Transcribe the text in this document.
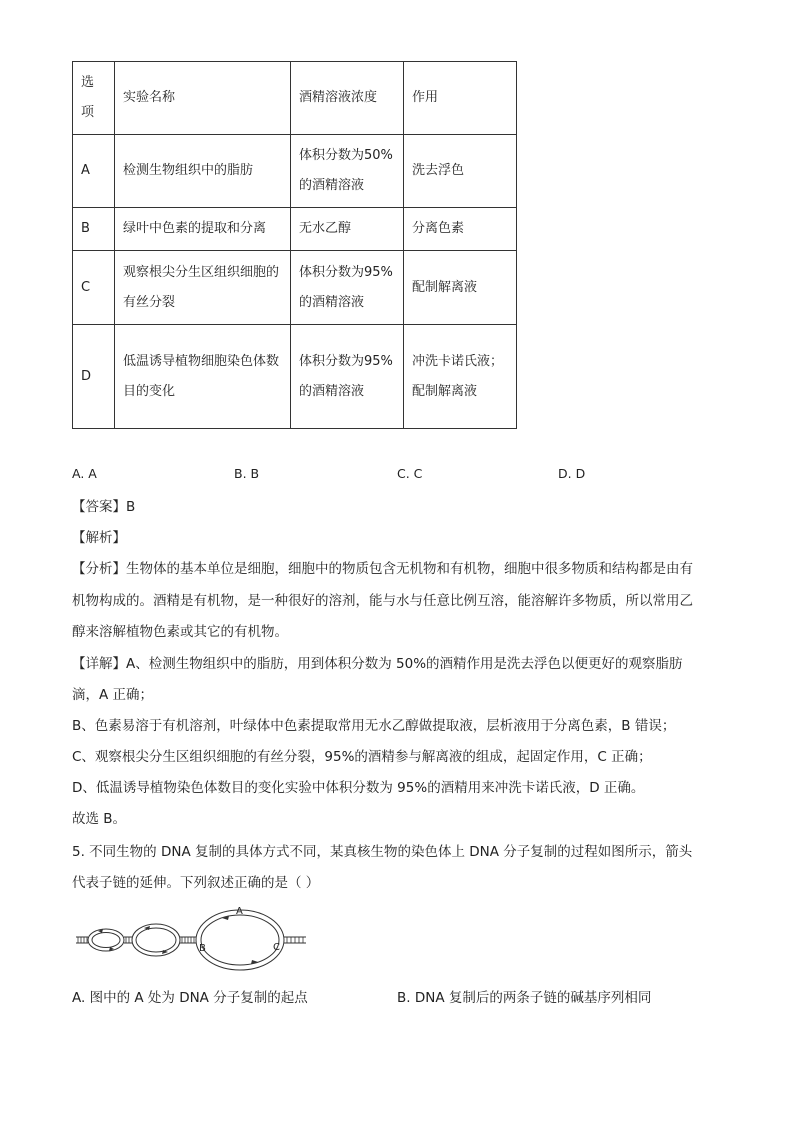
选项	实验名称	酒精溶液浓度	作用
A	检测生物组织中的脂肪	体积分数为50%的酒精溶液	洗去浮色
B	绿叶中色素的提取和分离	无水乙醇	分离色素
C	观察根尖分生区组织细胞的有丝分裂	体积分数为95%的酒精溶液	配制解离液
D	低温诱导植物细胞染色体数目的变化	体积分数为95%的酒精溶液	冲洗卡诺氏液；配制解离液
A. A	B. B	C. C	D. D
【答案】B
【解析】
【分析】生物体的基本单位是细胞，细胞中的物质包含无机物和有机物，细胞中很多物质和结构都是由有
机物构成的。酒精是有机物，是一种很好的溶剂，能与水与任意比例互溶，能溶解许多物质，所以常用乙
醇来溶解植物色素或其它的有机物。
【详解】A、检测生物组织中的脂肪，用到体积分数为 50%的酒精作用是洗去浮色以便更好的观察脂肪
滴，A 正确；
B、色素易溶于有机溶剂，叶绿体中色素提取常用无水乙醇做提取液，层析液用于分离色素，B 错误；
C、观察根尖分生区组织细胞的有丝分裂，95%的酒精参与解离液的组成，起固定作用，C 正确；
D、低温诱导植物染色体数目的变化实验中体积分数为 95%的酒精用来冲洗卡诺氏液，D 正确。
故选 B。
5. 不同生物的 DNA 复制的具体方式不同，某真核生物的染色体上 DNA 分子复制的过程如图所示，箭头
代表子链的延伸。下列叙述正确的是（ ）
A
B	C
A. 图中的 A 处为 DNA 分子复制的起点	B. DNA 复制后的两条子链的碱基序列相同
